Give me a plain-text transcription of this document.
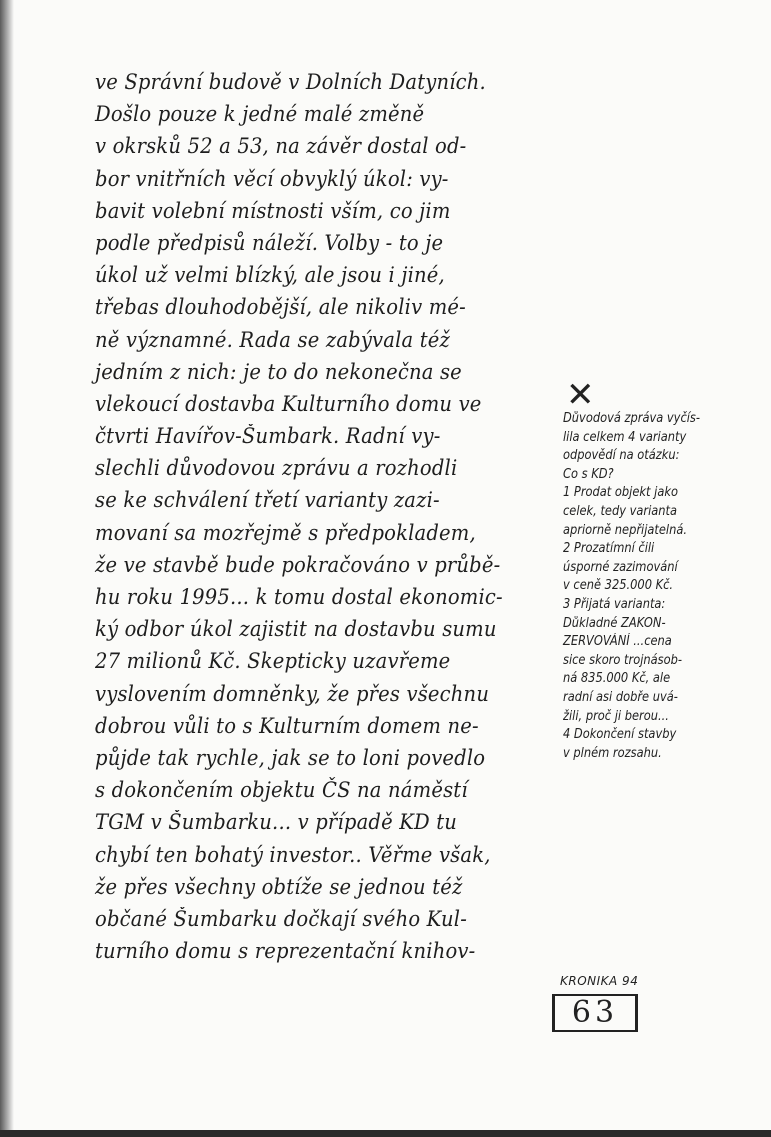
ve Správní budově v Dolních Datyních.
Došlo pouze k jedné malé změně
v okrsků 52 a 53, na závěr dostal od-
bor vnitřních věcí obvyklý úkol: vy-
bavit volební místnosti vším, co jim
podle předpisů náleží. Volby - to je
úkol už velmi blízký, ale jsou i jiné,
třebas dlouhodobější, ale nikoliv mé-
ně významné. Rada se zabývala též
jedním z nich: je to do nekonečna se
vlekoucí dostavba Kulturního domu ve
čtvrti Havířov-Šumbark. Radní vy-
slechli důvodovou zprávu a rozhodli
se ke schválení třetí varianty zazi-
movaní sa mozřejmě s předpokladem,
že ve stavbě bude pokračováno v průbě-
hu roku 1995... k tomu dostal ekonomic-
ký odbor úkol zajistit na dostavbu sumu
27 milionů Kč. Skepticky uzavřeme
vyslovením domněnky, že přes všechnu
dobrou vůli to s Kulturním domem ne-
půjde tak rychle, jak se to loni povedlo
s dokončením objektu ČS na náměstí
TGM v Šumbarku... v případě KD tu
chybí ten bohatý investor.. Věřme však,
že přes všechny obtíže se jednou též
občané Šumbarku dočkají svého Kul-
turního domu s reprezentační knihov-
✕
Důvodová zpráva vyčís-
lila celkem 4 varianty
odpovědí na otázku:
Co s KD?
1 Prodat objekt jako
celek, tedy varianta
apriorně nepřijatelná.
2 Prozatímní čili
úsporné zazimování
v ceně 325.000 Kč.
3 Přijatá varianta:
Důkladné ZAKON-
ZERVOVÁNÍ ...cena
sice skoro trojnásob-
ná 835.000 Kč, ale
radní asi dobře uvá-
žili, proč ji berou...
4 Dokončení stavby
v plném rozsahu.
KRONIKA 94
63
